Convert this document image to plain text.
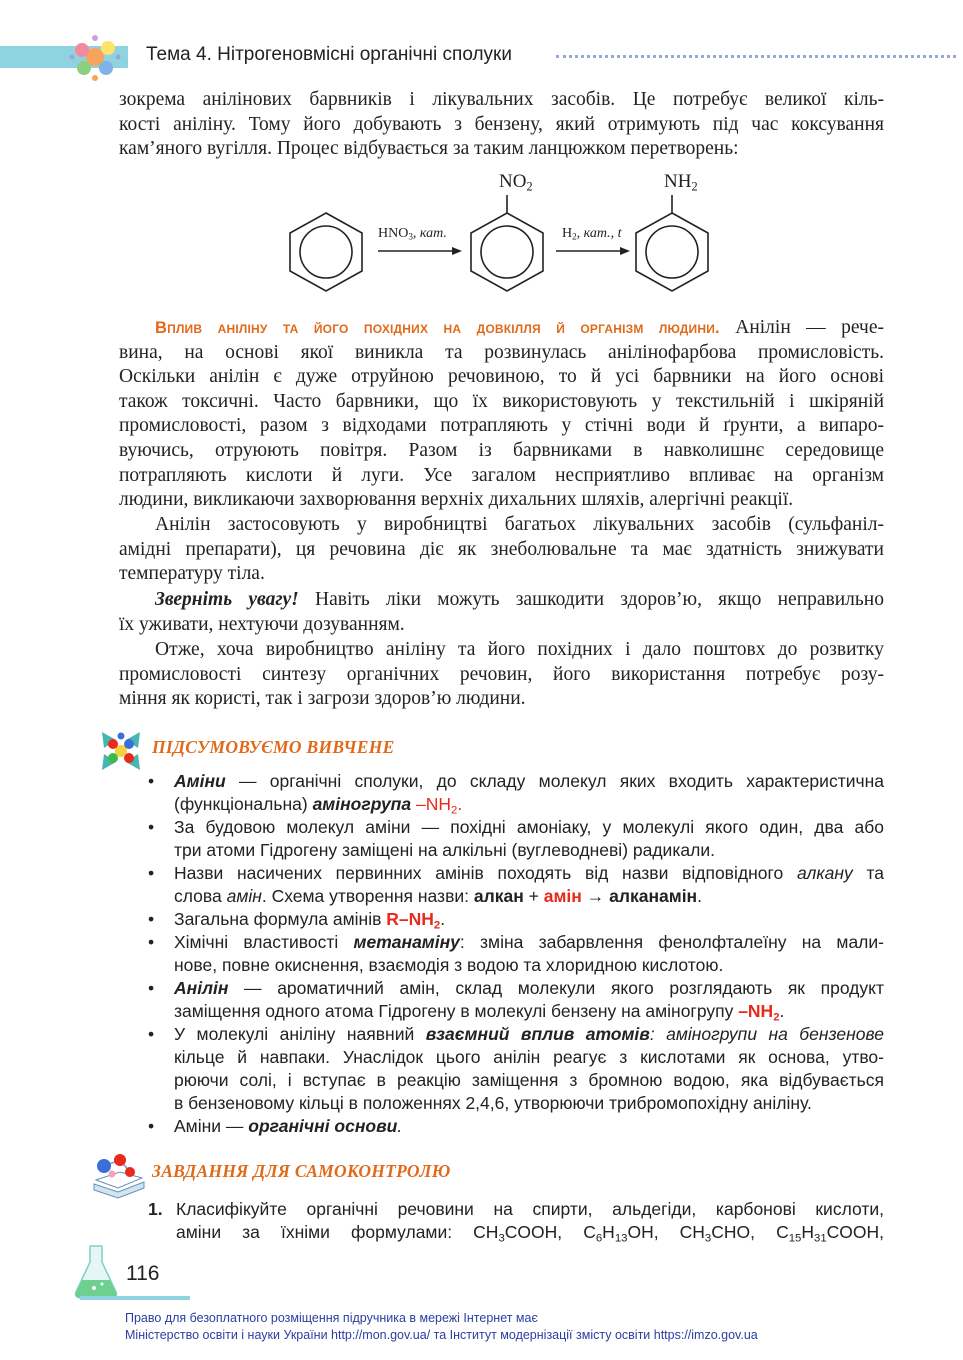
Тема 4. Нітрогеновмісні органічні сполуки
зокрема анілінових барвників і лікувальних засобів. Це потребує великої кіль-
кості аніліну. Тому його добувають з бензену, який отримують під час коксування
кам’яного вугілля. Процес відбувається за таким ланцюжком перетворень:
$HNO_3$, кат.	$H_2$, кат., t
$NO_2$	$NH_2$
Вплив аніліну та його похідних на довкілля й організм людини. Анілін — рече-
вина, на основі якої виникла та розвинулась анілінофарбова промисловість.
Оскільки анілін є дуже отруйною речовиною, то й усі барвники на його основі
також токсичні. Часто барвники, що їх використовують у текстильній і шкіряній
промисловості, разом з відходами потрапляють у стічні води й ґрунти, а випаро-
вуючись, отруюють повітря. Разом із барвниками в навколишнє середовище
потрапляють кислоти й луги. Усе загалом несприятливо впливає на організм
людини, викликаючи захворювання верхніх дихальних шляхів, алергічні реакції.
Анілін застосовують у виробництві багатьох лікувальних засобів (сульфаніл-
амідні препарати), ця речовина діє як знеболювальне та має здатність знижувати
температуру тіла.
Зверніть увагу! Навіть ліки можуть зашкодити здоров’ю, якщо неправильно
їх уживати, нехтуючи дозуванням.
Отже, хоча виробництво аніліну та його похідних і дало поштовх до розвитку
промисловості синтезу органічних речовин, його використання потребує розу-
міння як користі, так і загрози здоров’ю людини.
ПІДСУМОВУЄМО ВИВЧЕНЕ
•	Аміни — органічні сполуки, до складу молекул яких входить характеристична
(функціональна) аміногрупа $-NH_2$.
•	За будовою молекул аміни — похідні амоніаку, у молекулі якого один, два або
три атоми Гідрогену заміщені на алкільні (вуглеводневі) радикали.
•	Назви насичених первинних амінів походять від назви відповідного алкану та
слова амін. Схема утворення назви: алкан + амін → алканамін.
•	Загальна формула амінів $R-NH_2$.
•	Хімічні властивості метанаміну: зміна забарвлення фенолфталеїну на мали-
нове, повне окиснення, взаємодія з водою та хлоридною кислотою.
•	Анілін — ароматичний амін, склад молекули якого розглядають як продукт
заміщення одного атома Гідрогену в молекулі бензену на аміногрупу $-NH_2$.
•	У молекулі аніліну наявний взаємний вплив атомів: аміногрупи на бензенове
кільце й навпаки. Унаслідок цього анілін реагує з кислотами як основа, утво-
рюючи солі, і вступає в реакцію заміщення з бромною водою, яка відбувається
в бензеновому кільці в положеннях 2,4,6, утворюючи трибромопохідну аніліну.
•	Аміни — органічні основи.
ЗАВДАННЯ ДЛЯ САМОКОНТРОЛЮ
1. Класифікуйте органічні речовини на спирти, альдегіди, карбонові кислоти,
аміни за їхніми формулами: $CH_3COOH$, $C_6H_{13}OH$, $CH_3CHO$, $C_{15}H_{31}COOH$,
116
Право для безоплатного розміщення підручника в мережі Інтернет має
Міністерство освіти і науки України http://mon.gov.ua/ та Інститут модернізації змісту освіти https://imzo.gov.ua
